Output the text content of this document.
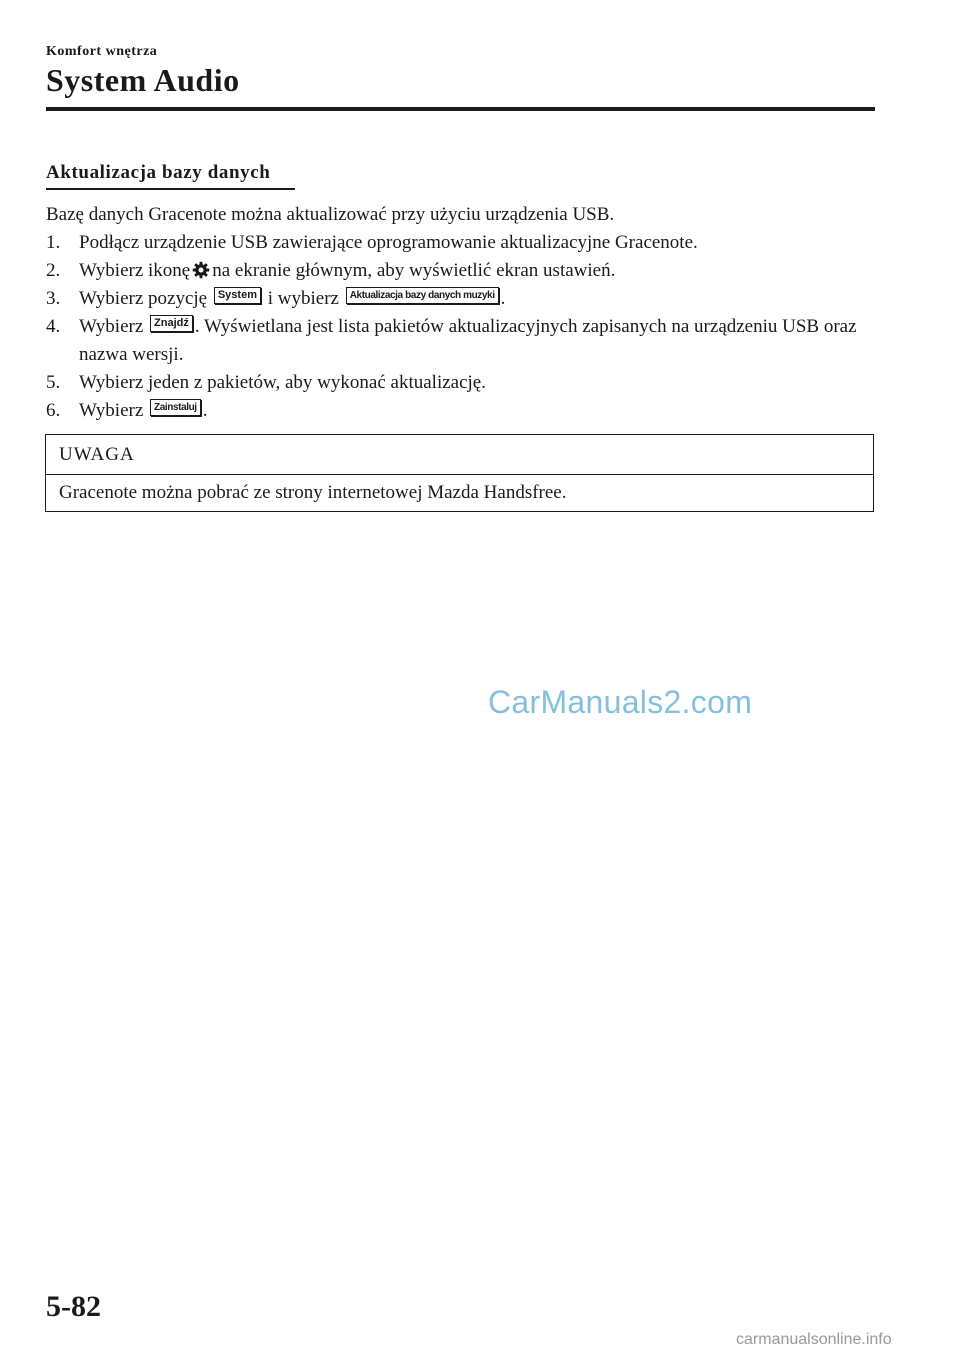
Komfort wnętrza
System Audio
Aktualizacja bazy danych

Bazę danych Gracenote można aktualizować przy użyciu urządzenia USB.

1. Podłącz urządzenie USB zawierające oprogramowanie aktualizacyjne Gracenote.
2. Wybierz ikonę na ekranie głównym, aby wyświetlić ekran ustawień.
3. Wybierz pozycję System i wybierz Aktualizacja bazy danych muzyki .
4. Wybierz Znajdź . Wyświetlana jest lista pakietów aktualizacyjnych zapisanych na urządzeniu USB oraz nazwa wersji.
5. Wybierz jeden z pakietów, aby wykonać aktualizację.
6. Wybierz Zainstaluj .
UWAGA
Gracenote można pobrać ze strony internetowej Mazda Handsfree.
CarManuals2.com
5-82
carmanualsonline.info
